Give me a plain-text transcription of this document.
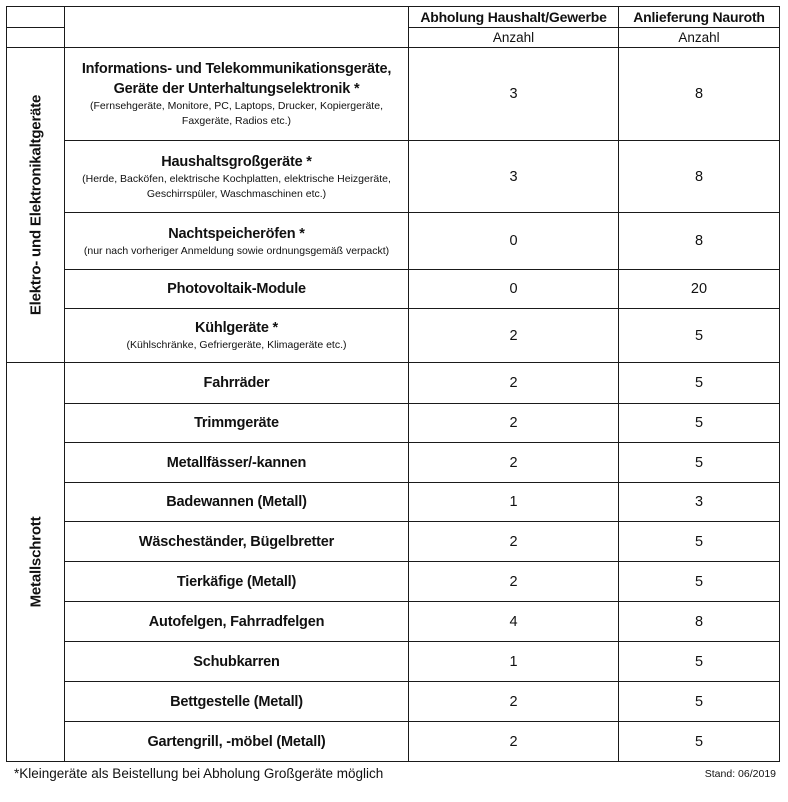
		Abholung Haushalt/Gewerbe	Anlieferung Nauroth
		Anzahl	Anzahl

Elektro- und Elektronikaltgeräte	Informations- und Telekommunikationsgeräte,
Geräte der Unterhaltungselektronik *
(Fernsehgeräte, Monitore, PC, Laptops, Drucker, Kopiergeräte,
Faxgeräte, Radios etc.)	3	8

	Haushaltsgroßgeräte *
(Herde, Backöfen, elektrische Kochplatten, elektrische Heizgeräte,
Geschirrspüler, Waschmaschinen etc.)	3	8

	Nachtspeicheröfen *
(nur nach vorheriger Anmeldung sowie ordnungsgemäß verpackt)	0	8

	Photovoltaik-Module	0	20

	Kühlgeräte *
(Kühlschränke, Gefriergeräte, Klimageräte etc.)	2	5

Metallschrott	Fahrräder	2	5

	Trimmgeräte	2	5

	Metallfässer/-kannen	2	5

	Badewannen (Metall)	1	3

	Wäscheständer, Bügelbretter	2	5

	Tierkäfige (Metall)	2	5

	Autofelgen, Fahrradfelgen	4	8

	Schubkarren	1	5

	Bettgestelle (Metall)	2	5

	Gartengrill, -möbel (Metall)	2	5
*Kleingeräte als Beistellung bei Abholung Großgeräte möglich	Stand: 06/2019
